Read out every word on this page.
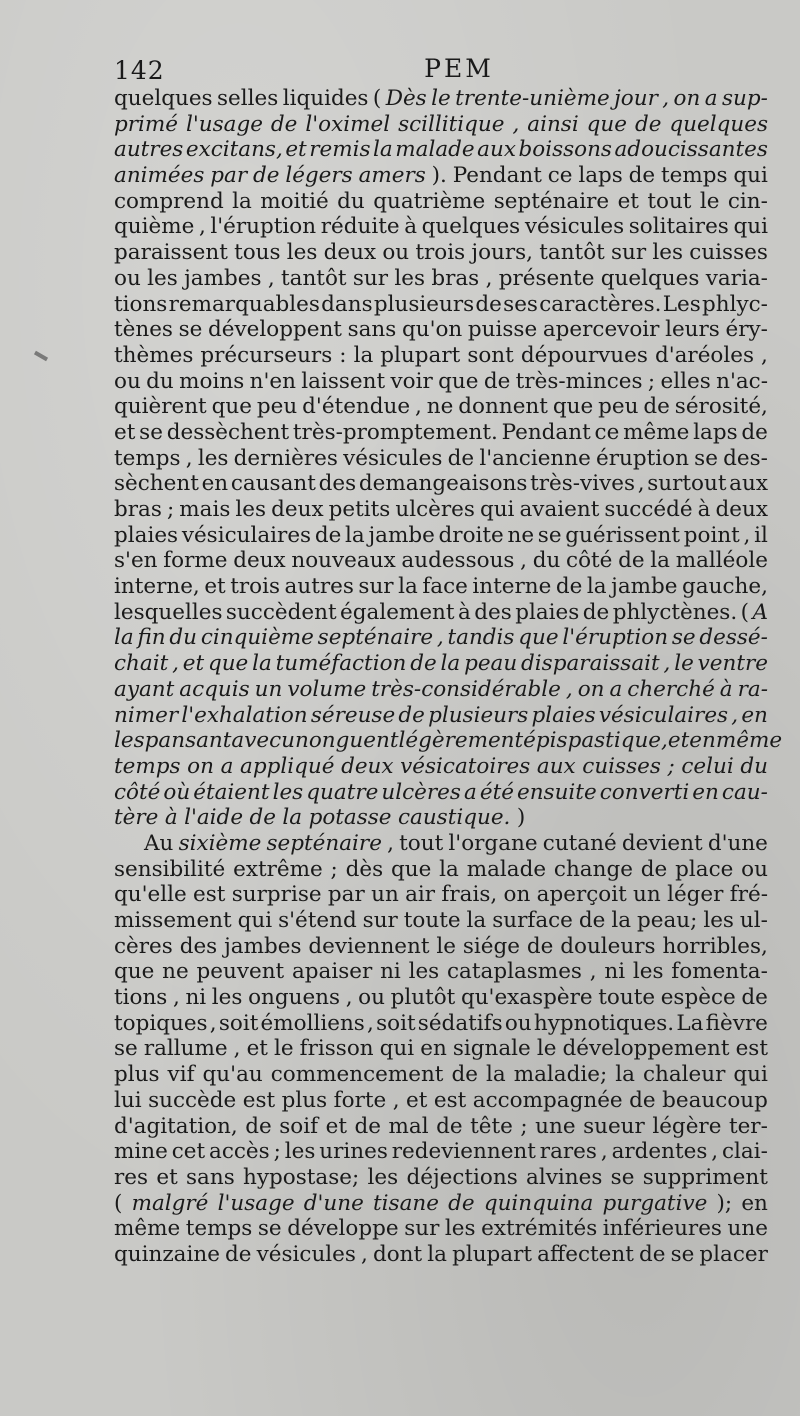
142	PEM
quelques selles liquides ( Dès le trente-unième jour , on a sup-
primé l'usage de l'oximel scillitique , ainsi que de quelques
autres excitans, et remis la malade aux boissons adoucissantes
animées par de légers amers ). Pendant ce laps de temps qui
comprend la moitié du quatrième septénaire et tout le cin-
quième , l'éruption réduite à quelques vésicules solitaires qui
paraissent tous les deux ou trois jours, tantôt sur les cuisses
ou les jambes , tantôt sur les bras , présente quelques varia-
tions remarquables dans plusieurs de ses caractères. Les phlyc-
tènes se développent sans qu'on puisse apercevoir leurs éry-
thèmes précurseurs : la plupart sont dépourvues d'aréoles ,
ou du moins n'en laissent voir que de très-minces ; elles n'ac-
quièrent que peu d'étendue , ne donnent que peu de sérosité,
et se dessèchent très-promptement. Pendant ce même laps de
temps , les dernières vésicules de l'ancienne éruption se des-
sèchent en causant des demangeaisons très-vives , surtout aux
bras ; mais les deux petits ulcères qui avaient succédé à deux
plaies vésiculaires de la jambe droite ne se guérissent point , il
s'en forme deux nouveaux audessous , du côté de la malléole
interne, et trois autres sur la face interne de la jambe gauche,
lesquelles succèdent également à des plaies de phlyctènes. ( A
la fin du cinquième septénaire , tandis que l'éruption se dessé-
chait , et que la tuméfaction de la peau disparaissait , le ventre
ayant acquis un volume très-considérable , on a cherché à ra-
nimer l'exhalation séreuse de plusieurs plaies vésiculaires , en
les pansant avec un onguent légèrement épispastique, et en même
temps on a appliqué deux vésicatoires aux cuisses ; celui du
côté où étaient les quatre ulcères a été ensuite converti en cau-
tère à l'aide de la potasse caustique. )
Au sixième septénaire , tout l'organe cutané devient d'une
sensibilité extrême ; dès que la malade change de place ou
qu'elle est surprise par un air frais, on aperçoit un léger fré-
missement qui s'étend sur toute la surface de la peau; les ul-
cères des jambes deviennent le siége de douleurs horribles,
que ne peuvent apaiser ni les cataplasmes , ni les fomenta-
tions , ni les onguens , ou plutôt qu'exaspère toute espèce de
topiques , soit émolliens , soit sédatifs ou hypnotiques. La fièvre
se rallume , et le frisson qui en signale le développement est
plus vif qu'au commencement de la maladie; la chaleur qui
lui succède est plus forte , et est accompagnée de beaucoup
d'agitation, de soif et de mal de tête ; une sueur légère ter-
mine cet accès ; les urines redeviennent rares , ardentes , clai-
res et sans hypostase; les déjections alvines se suppriment
( malgré l'usage d'une tisane de quinquina purgative ); en
même temps se développe sur les extrémités inférieures une
quinzaine de vésicules , dont la plupart affectent de se placer
